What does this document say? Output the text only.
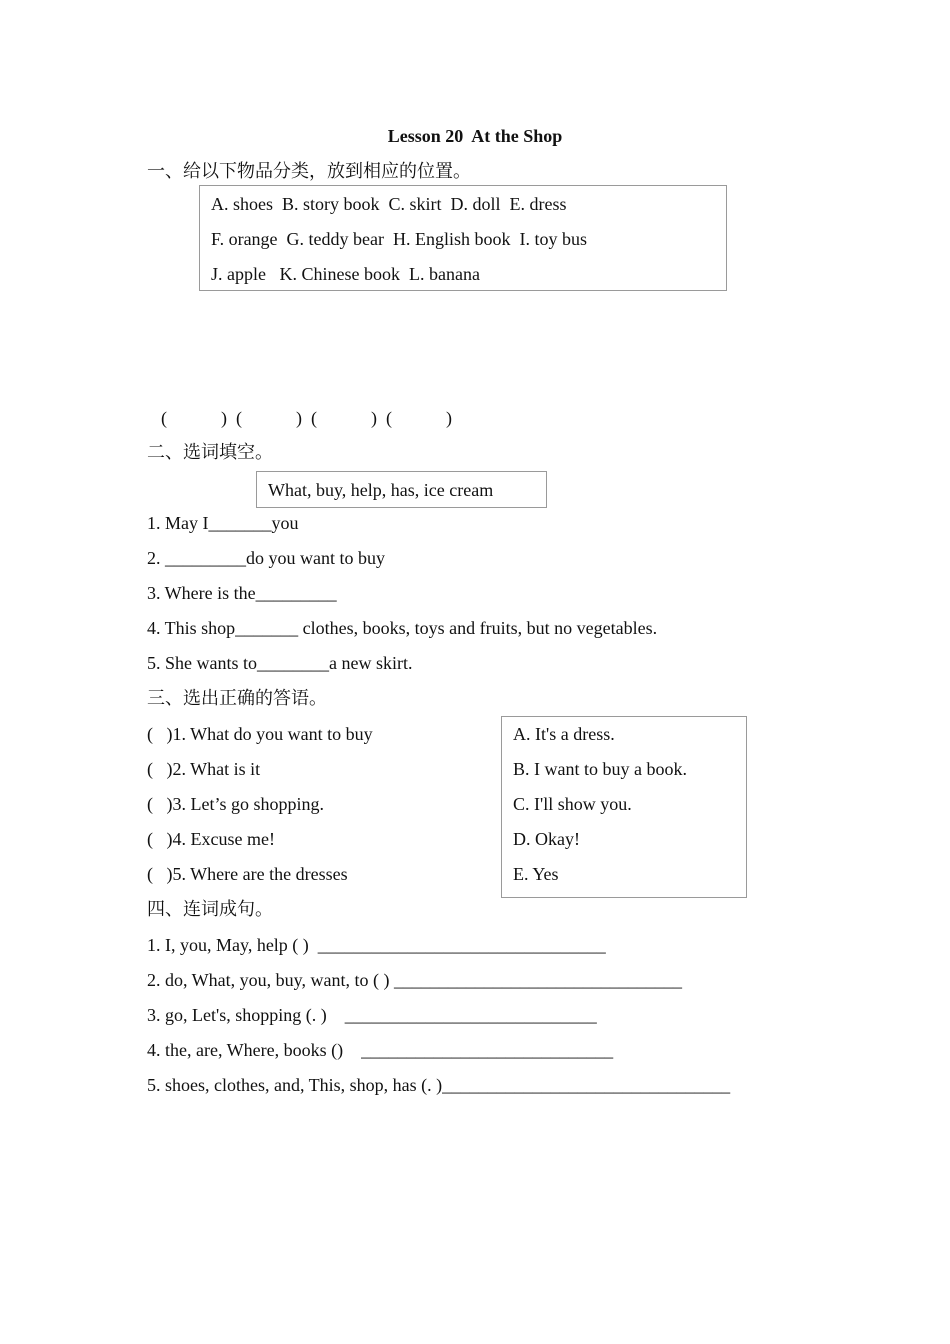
Lesson 20  At the Shop
一、给以下物品分类，放到相应的位置。
A. shoes  B. story book  C. skirt  D. doll  E. dress
F. orange  G. teddy bear  H. English book  I. toy bus
J. apple   K. Chinese book  L. banana
(            )  (            )  (            )  (            )
二、选词填空。
What, buy, help, has, ice cream
1. May I_______you
2. _________do you want to buy
3. Where is the_________
4. This shop_______ clothes, books, toys and fruits, but no vegetables.
5. She wants to________a new skirt.
三、选出正确的答语。
(   )1. What do you want to buy
(   )2. What is it
(   )3. Let’s go shopping.
(   )4. Excuse me!
(   )5. Where are the dresses
A. It's a dress.
B. I want to buy a book.
C. I'll show you.
D. Okay!
E. Yes
四、连词成句。
1. I, you, May, help ( )  ________________________________
2. do, What, you, buy, want, to ( ) ________________________________
3. go, Let's, shopping (. )    ____________________________
4. the, are, Where, books ()    ____________________________
5. shoes, clothes, and, This, shop, has (. )________________________________
